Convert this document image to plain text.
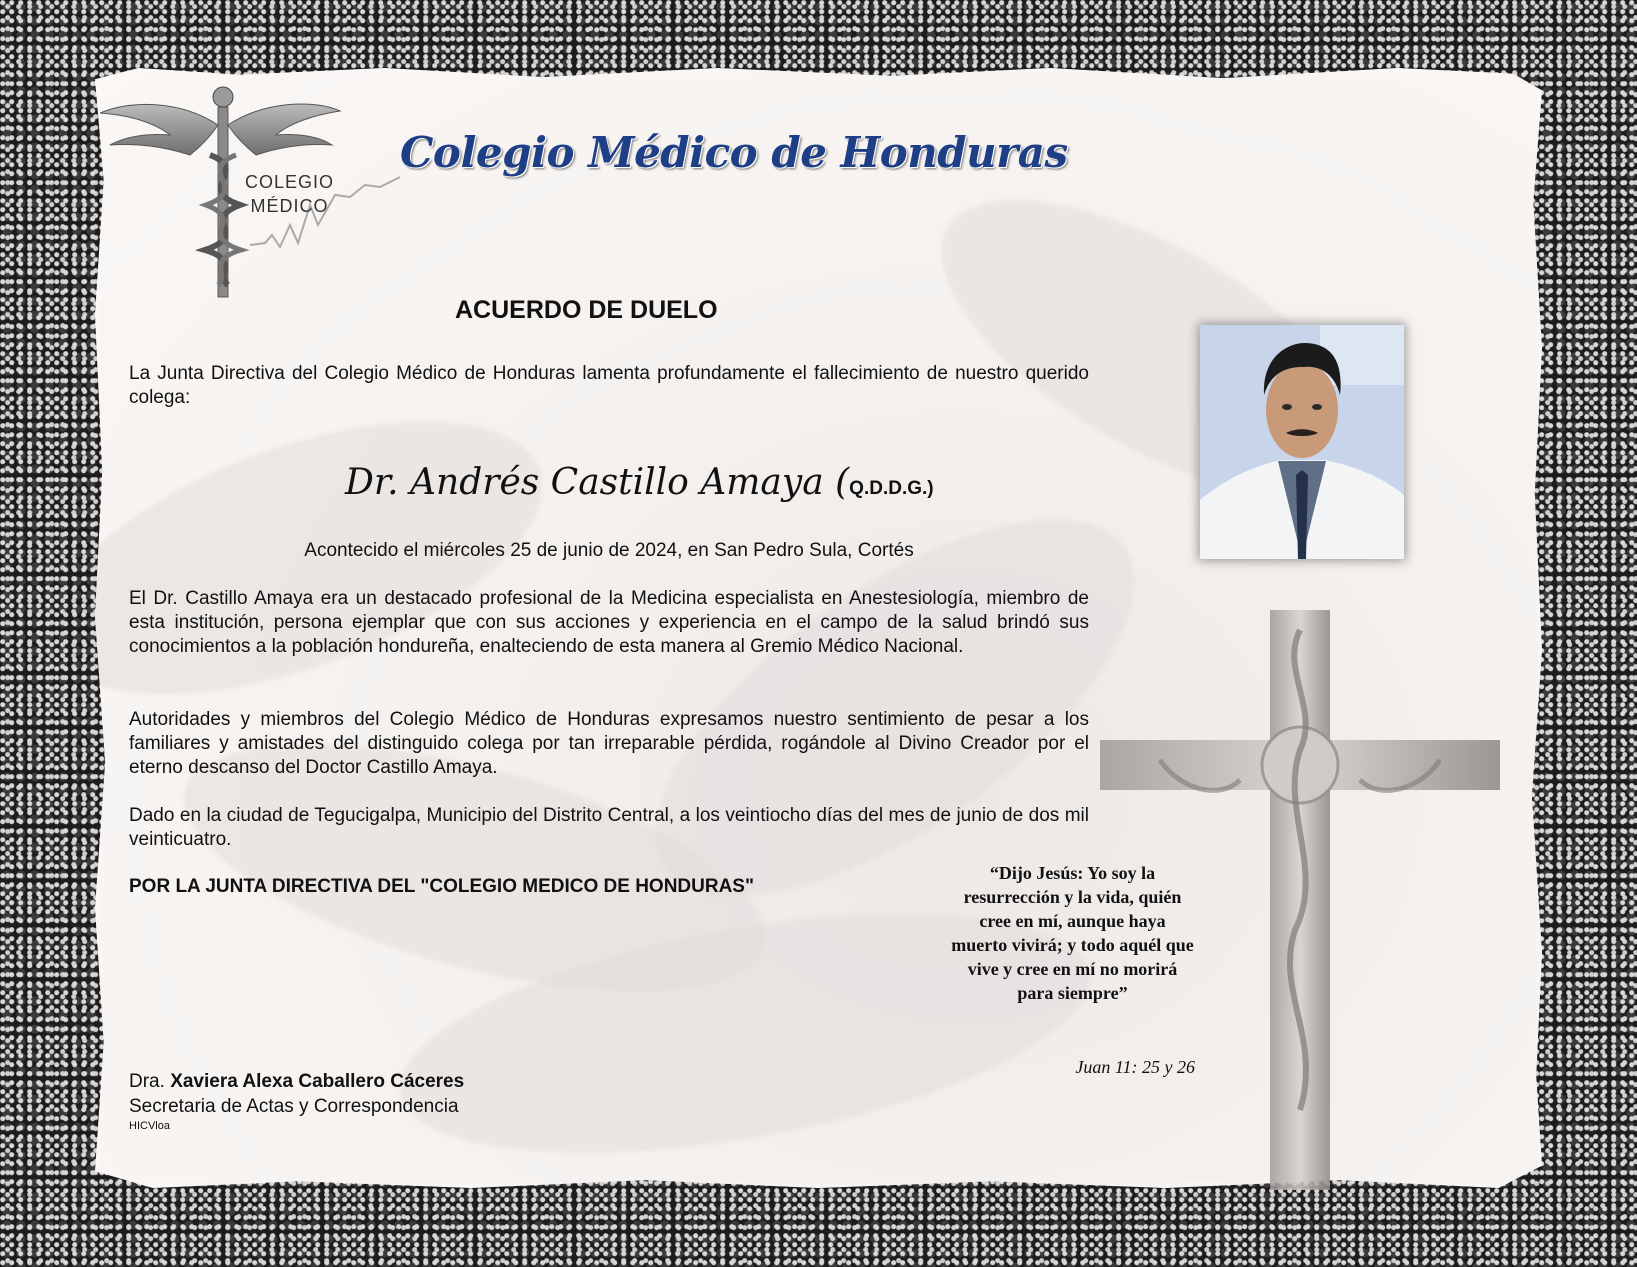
COLEGIO
MÉDICO
Colegio Médico de Honduras
ACUERDO DE DUELO
La Junta Directiva del Colegio Médico de Honduras lamenta profundamente el fallecimiento de nuestro querido colega:
Dr. Andrés Castillo Amaya (Q.D.D.G.)
Acontecido el miércoles 25 de junio de 2024, en San Pedro Sula, Cortés
El Dr. Castillo Amaya era un destacado profesional de la Medicina especialista en Anestesiología, miembro de esta institución, persona ejemplar que con sus acciones y experiencia en el campo de la salud brindó sus conocimientos a la población hondureña, enalteciendo de esta manera al Gremio Médico Nacional.
Autoridades y miembros del Colegio Médico de Honduras expresamos nuestro sentimiento de pesar a los familiares y amistades del distinguido colega por tan irreparable pérdida, rogándole al Divino Creador por el eterno descanso del Doctor Castillo Amaya.
Dado en la ciudad de Tegucigalpa, Municipio del Distrito Central, a los veintiocho días del mes de junio de dos mil veinticuatro.
POR LA JUNTA DIRECTIVA DEL "COLEGIO MEDICO DE HONDURAS"
“Dijo Jesús: Yo soy la resurrección y la vida, quién cree en mí, aunque haya muerto vivirá; y todo aquél que vive y cree en mí no morirá para siempre”
Juan 11: 25 y 26
Dra. Xaviera Alexa Caballero Cáceres
Secretaria de Actas y Correspondencia
HICVloa
